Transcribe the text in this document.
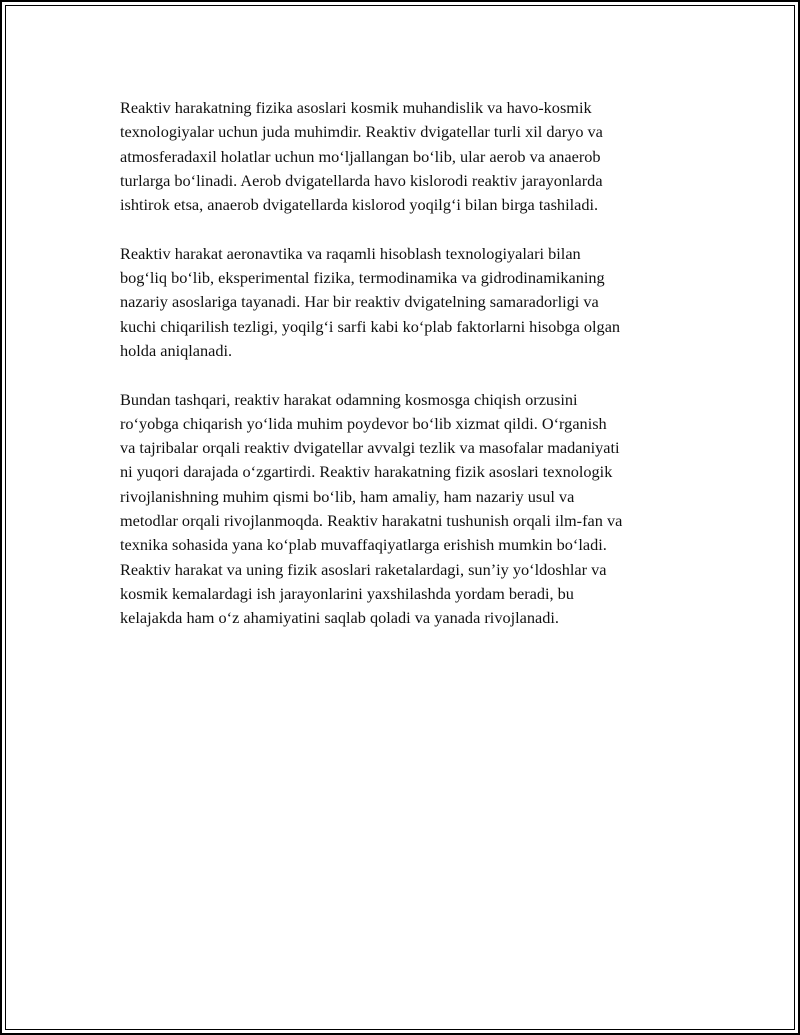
Reaktiv harakatning fizika asoslari kosmik muhandislik va havo-kosmik
texnologiyalar uchun juda muhimdir. Reaktiv dvigatellar turli xil daryo va
atmosferadaxil holatlar uchun moʻljallangan boʻlib, ular aerob va anaerob
turlarga boʻlinadi. Aerob dvigatellarda havo kislorodi reaktiv jarayonlarda
ishtirok etsa, anaerob dvigatellarda kislorod yoqilgʻi bilan birga tashiladi.

Reaktiv harakat aeronavtika va raqamli hisoblash texnologiyalari bilan
bogʻliq boʻlib, eksperimental fizika, termodinamika va gidrodinamikaning
nazariy asoslariga tayanadi. Har bir reaktiv dvigatelning samaradorligi va
kuchi chiqarilish tezligi, yoqilgʻi sarfi kabi koʻplab faktorlarni hisobga olgan
holda aniqlanadi.

Bundan tashqari, reaktiv harakat odamning kosmosga chiqish orzusini
roʻyobga chiqarish yoʻlida muhim poydevor boʻlib xizmat qildi. Oʻrganish
va tajribalar orqali reaktiv dvigatellar avvalgi tezlik va masofalar madaniyati
ni yuqori darajada oʻzgartirdi. Reaktiv harakatning fizik asoslari texnologik
rivojlanishning muhim qismi boʻlib, ham amaliy, ham nazariy usul va
metodlar orqali rivojlanmoqda. Reaktiv harakatni tushunish orqali ilm-fan va
texnika sohasida yana koʻplab muvaffaqiyatlarga erishish mumkin boʻladi.
Reaktiv harakat va uning fizik asoslari raketalardagi, sunʼiy yoʻldoshlar va
kosmik kemalardagi ish jarayonlarini yaxshilashda yordam beradi, bu
kelajakda ham oʻz ahamiyatini saqlab qoladi va yanada rivojlanadi.
